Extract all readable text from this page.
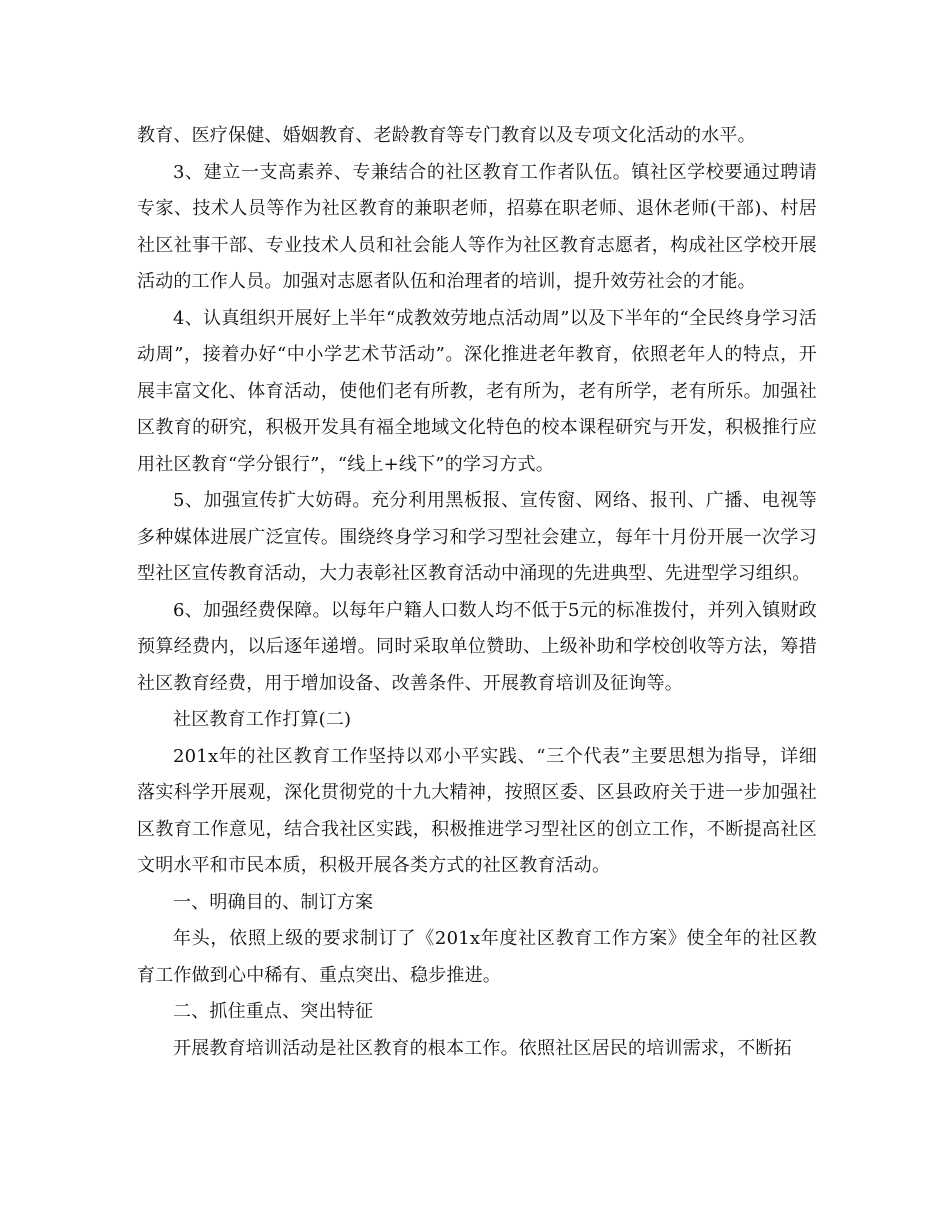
教育、医疗保健、婚姻教育、老龄教育等专门教育以及专项文化活动的水平。

3、建立一支高素养、专兼结合的社区教育工作者队伍。镇社区学校要通过聘请专家、技术人员等作为社区教育的兼职老师，招募在职老师、退休老师(干部)、村居社区社事干部、专业技术人员和社会能人等作为社区教育志愿者，构成社区学校开展活动的工作人员。加强对志愿者队伍和治理者的培训，提升效劳社会的才能。

4、认真组织开展好上半年“成教效劳地点活动周”以及下半年的“全民终身学习活动周”，接着办好“中小学艺术节活动”。深化推进老年教育，依照老年人的特点，开展丰富文化、体育活动，使他们老有所教，老有所为，老有所学，老有所乐。加强社区教育的研究，积极开发具有福全地域文化特色的校本课程研究与开发，积极推行应用社区教育“学分银行”，“线上+线下”的学习方式。

5、加强宣传扩大妨碍。充分利用黑板报、宣传窗、网络、报刊、广播、电视等多种媒体进展广泛宣传。围绕终身学习和学习型社会建立，每年十月份开展一次学习型社区宣传教育活动，大力表彰社区教育活动中涌现的先进典型、先进型学习组织。

6、加强经费保障。以每年户籍人口数人均不低于5元的标准拨付，并列入镇财政预算经费内，以后逐年递增。同时采取单位赞助、上级补助和学校创收等方法，筹措社区教育经费，用于增加设备、改善条件、开展教育培训及征询等。

社区教育工作打算(二)

201x年的社区教育工作坚持以邓小平实践、“三个代表”主要思想为指导，详细落实科学开展观，深化贯彻党的十九大精神，按照区委、区县政府关于进一步加强社区教育工作意见，结合我社区实践，积极推进学习型社区的创立工作，不断提高社区文明水平和市民本质，积极开展各类方式的社区教育活动。

一、明确目的、制订方案

年头，依照上级的要求制订了《201x年度社区教育工作方案》使全年的社区教育工作做到心中稀有、重点突出、稳步推进。

二、抓住重点、突出特征

开展教育培训活动是社区教育的根本工作。依照社区居民的培训需求，不断拓
